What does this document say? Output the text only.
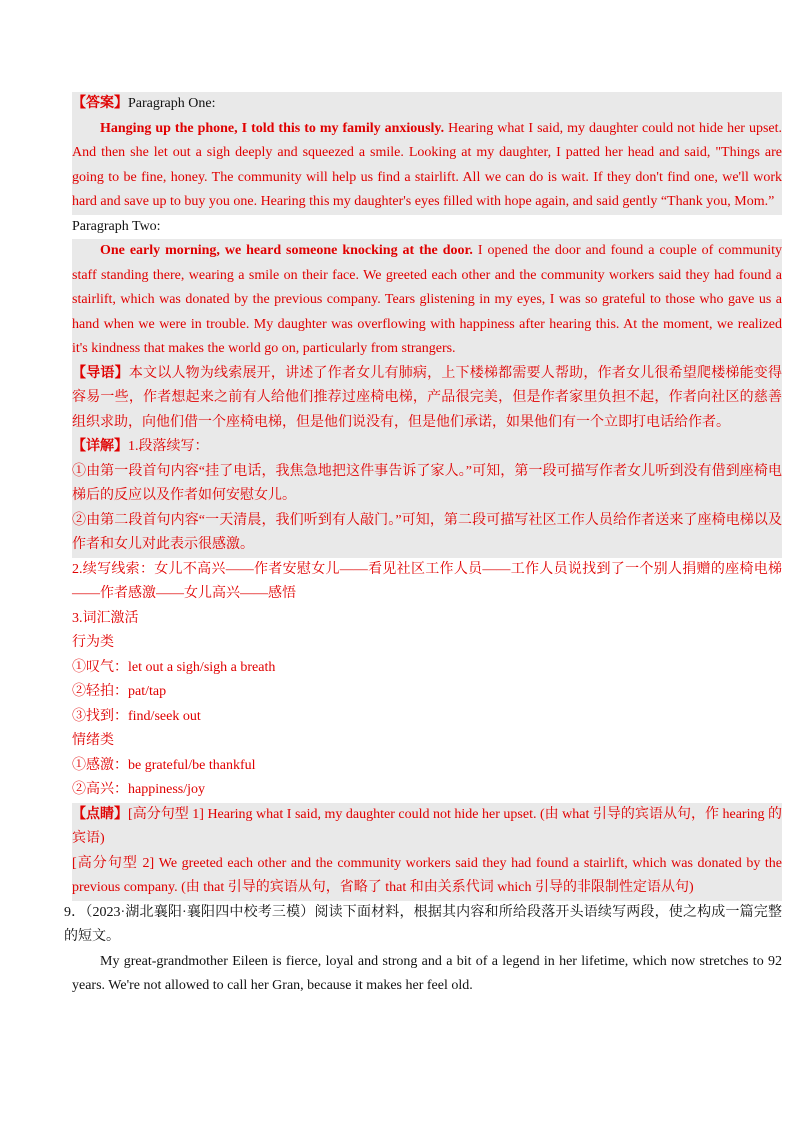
【答案】Paragraph One:

Hanging up the phone, I told this to my family anxiously. Hearing what I said, my daughter could not hide her upset. And then she let out a sigh deeply and squeezed a smile. Looking at my daughter, I patted her head and said, "Things are going to be fine, honey. The community will help us find a stairlift. All we can do is wait. If they don't find one, we'll work hard and save up to buy you one. Hearing this my daughter's eyes filled with hope again, and said gently “Thank you, Mom.”

Paragraph Two:

One early morning, we heard someone knocking at the door. I opened the door and found a couple of community staff standing there, wearing a smile on their face. We greeted each other and the community workers said they had found a stairlift, which was donated by the previous company. Tears glistening in my eyes, I was so grateful to those who gave us a hand when we were in trouble. My daughter was overflowing with happiness after hearing this. At the moment, we realized it's kindness that makes the world go on, particularly from strangers.

【导语】本文以人物为线索展开，讲述了作者女儿有肺病，上下楼梯都需要人帮助，作者女儿很希望爬楼梯能变得容易一些，作者想起来之前有人给他们推荐过座椅电梯，产品很完美，但是作者家里负担不起，作者向社区的慈善组织求助，向他们借一个座椅电梯，但是他们说没有，但是他们承诺，如果他们有一个立即打电话给作者。

【详解】1.段落续写：

①由第一段首句内容“挂了电话，我焦急地把这件事告诉了家人。”可知，第一段可描写作者女儿听到没有借到座椅电梯后的反应以及作者如何安慰女儿。

②由第二段首句内容“一天清晨，我们听到有人敲门。”可知，第二段可描写社区工作人员给作者送来了座椅电梯以及作者和女儿对此表示很感激。

2.续写线索：女儿不高兴——作者安慰女儿——看见社区工作人员——工作人员说找到了一个别人捐赠的座椅电梯——作者感激——女儿高兴——感悟

3.词汇激活

行为类

①叹气：let out a sigh/sigh a breath

②轻拍：pat/tap

③找到：find/seek out

情绪类

①感激：be grateful/be thankful

②高兴：happiness/joy

【点睛】[高分句型 1] Hearing what I said, my daughter could not hide her upset. (由 what 引导的宾语从句，作 hearing 的宾语)

[高分句型 2] We greeted each other and the community workers said they had found a stairlift, which was donated by the previous company. (由 that 引导的宾语从句，省略了 that 和由关系代词 which 引导的非限制性定语从句)

9．（2023·湖北襄阳·襄阳四中校考三模）阅读下面材料，根据其内容和所给段落开头语续写两段，使之构成一篇完整的短文。

My great-grandmother Eileen is fierce, loyal and strong and a bit of a legend in her lifetime, which now stretches to 92 years. We're not allowed to call her Gran, because it makes her feel old.
